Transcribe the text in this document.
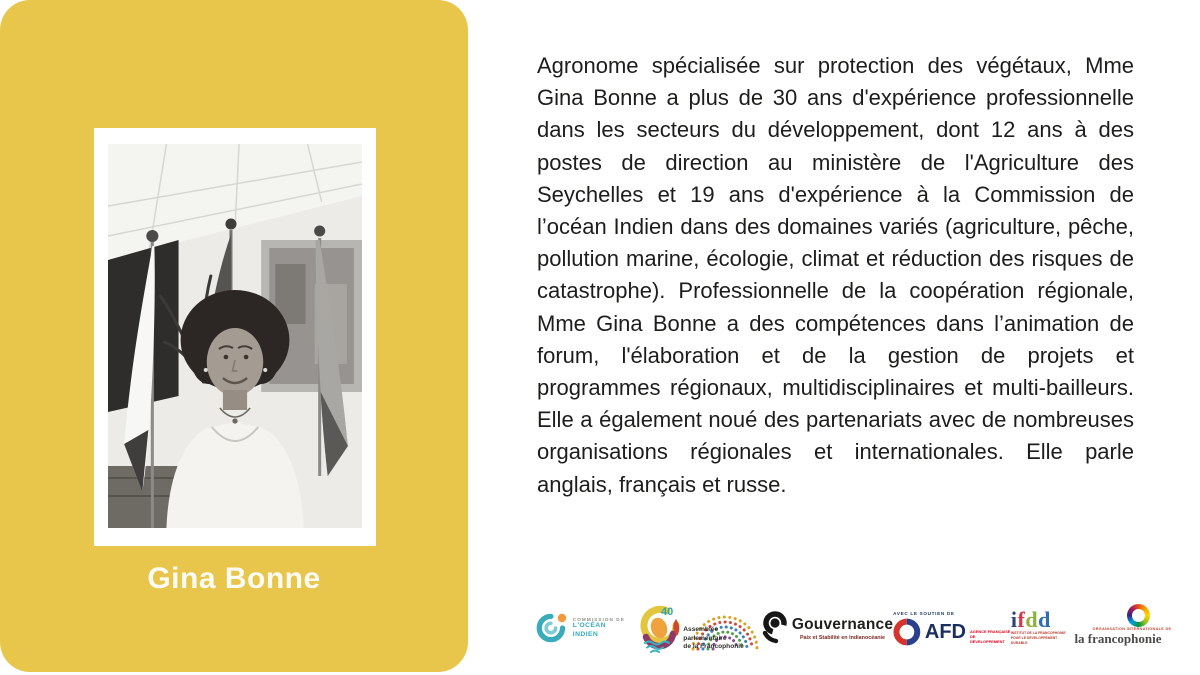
Gina Bonne
Agronome spécialisée sur protection des végétaux, Mme Gina Bonne a plus de 30 ans d'expérience professionnelle dans les secteurs du développement, dont 12 ans à des postes de direction au ministère de l'Agriculture des Seychelles et 19 ans d'expérience à la Commission de l’océan Indien dans des domaines variés (agriculture, pêche, pollution marine, écologie, climat et réduction des risques de catastrophe). Professionnelle de la coopération régionale, Mme Gina Bonne a des compétences dans l’animation de forum, l'élaboration et de la gestion de projets et programmes régionaux, multidisciplinaires et multi-bailleurs. Elle a également noué des partenariats avec de nombreuses organisations régionales et internationales. Elle parle anglais, français et russe.
COMMISSION DE
L'OCÉAN INDIEN
40
Assemblée
parlementaire
de la Francophonie
Gouvernance
Paix et Stabilité en Indianocéanie
AVEC LE SOUTIEN DE
AFD AGENCE FRANÇAISE
DE DÉVELOPPEMENT
ifdd
INSTITUT DE LA FRANCOPHONIE
POUR LE DÉVELOPPEMENT DURABLE
ORGANISATION INTERNATIONALE DE
la francophonie
